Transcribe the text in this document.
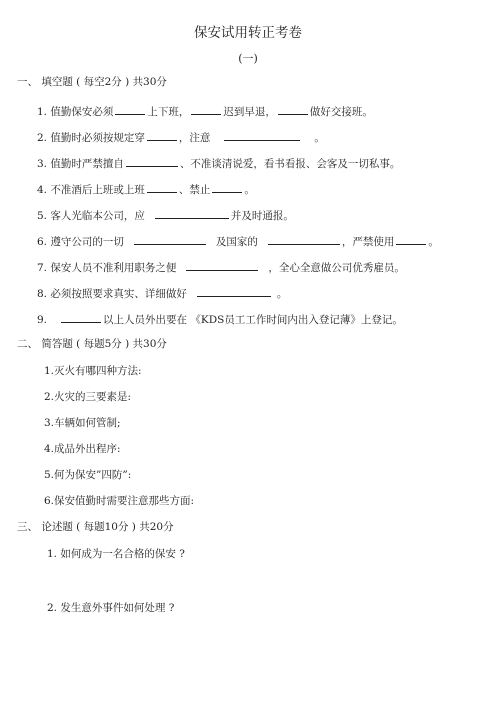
保安试用转正考卷
(一)
一、 填空题 ( 每空2分 ) 共30分
1. 值勤保安必须	上下班，	迟到早退，	做好交接班。
2. 值勤时必须按规定穿	，注意	。
3. 值勤时严禁擅自	、不准谈清说爱，看书看报、会客及一切私事。
4. 不准酒后上班或上班	、禁止	。
5. 客人光临本公司，应	并及时通报。
6. 遵守公司的一切	及国家的	，严禁使用	。
7. 保安人员不准利用职务之便	，全心全意做公司优秀雇员。
8. 必须按照要求真实、详细做好	。
9.	以上人员外出要在 《KDS员工工作时间内出入登记薄》上登记。
二、 简答题 ( 每题5分 ) 共30分
1.灭火有哪四种方法:
2.火灾的三要素是:
3.车辆如何管制;
4.成品外出程序:
5.何为保安”四防”:
6.保安值勤时需要注意那些方面:
三、 论述题 ( 每题10分 ) 共20分
1. 如何成为一名合格的保安 ?
2. 发生意外事件如何处理 ?
